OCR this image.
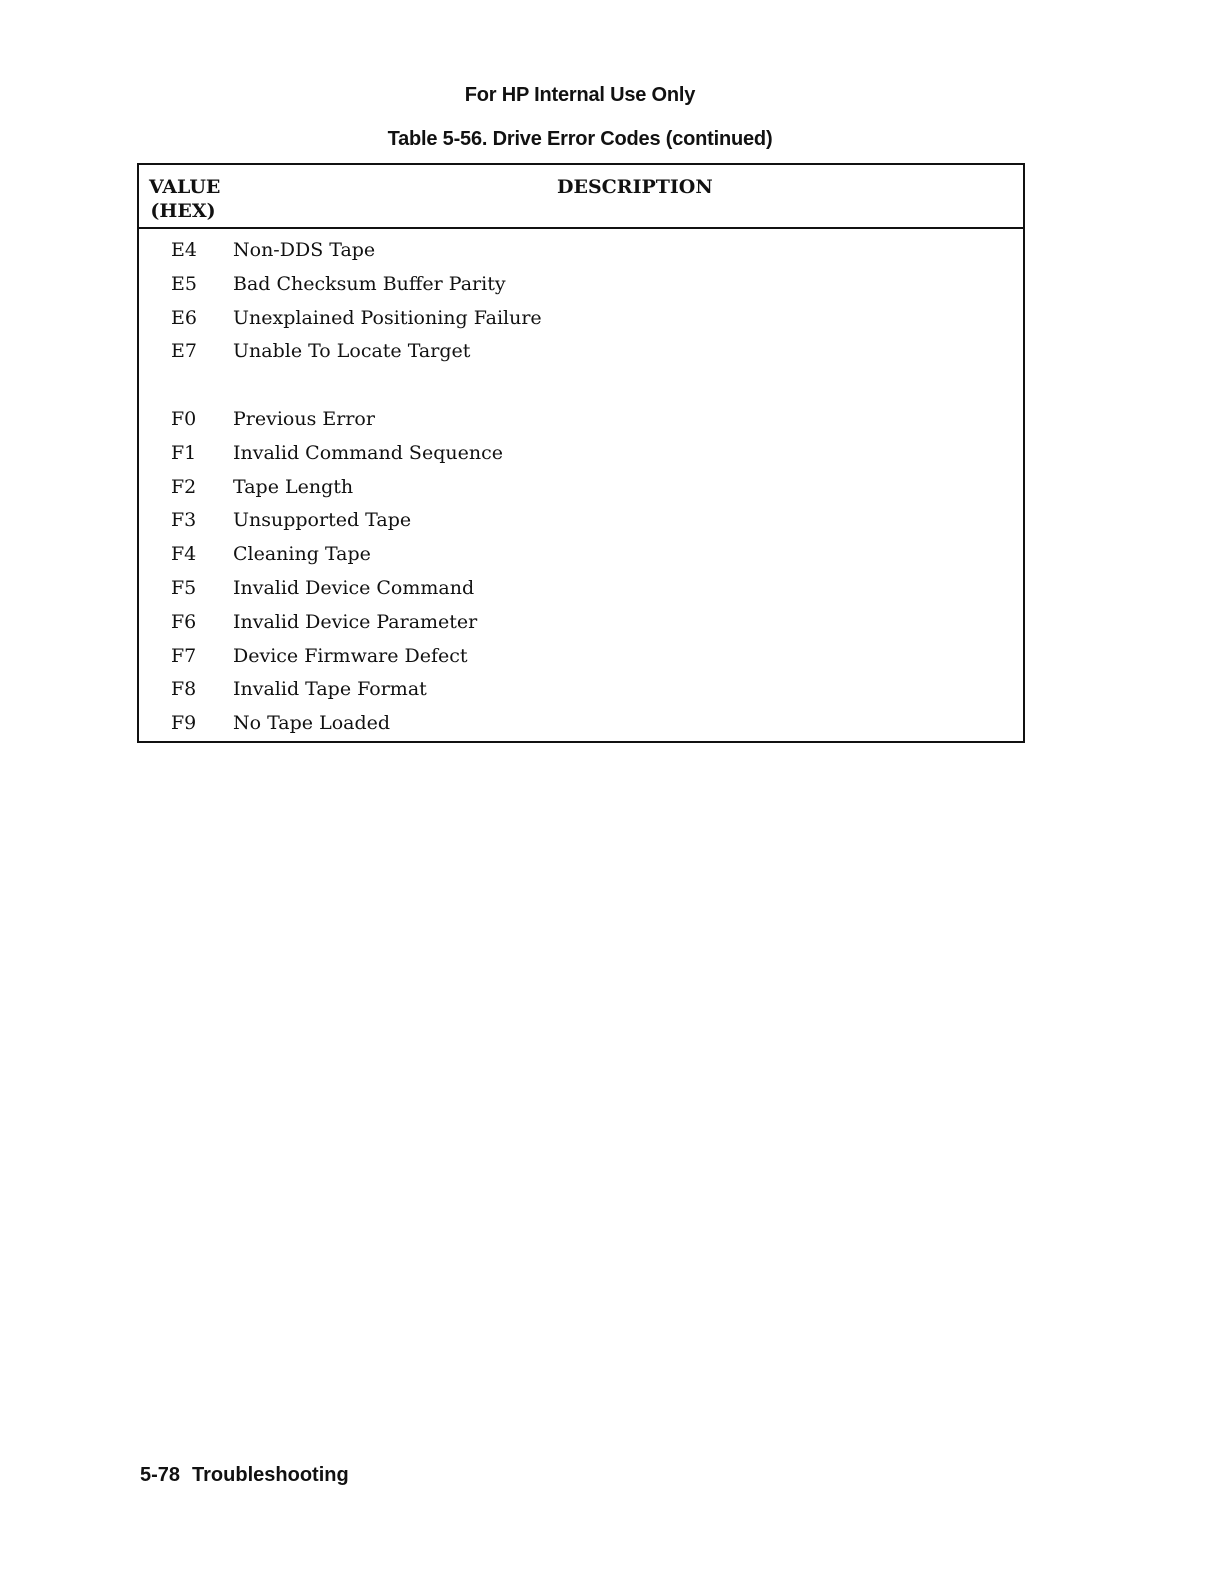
For HP Internal Use Only
Table 5-56. Drive Error Codes (continued)
VALUE
(HEX)
DESCRIPTION
E4	Non-DDS Tape
E5	Bad Checksum Buffer Parity
E6	Unexplained Positioning Failure
E7	Unable To Locate Target
F0	Previous Error
F1	Invalid Command Sequence
F2	Tape Length
F3	Unsupported Tape
F4	Cleaning Tape
F5	Invalid Device Command
F6	Invalid Device Parameter
F7	Device Firmware Defect
F8	Invalid Tape Format
F9	No Tape Loaded
5-78 Troubleshooting
